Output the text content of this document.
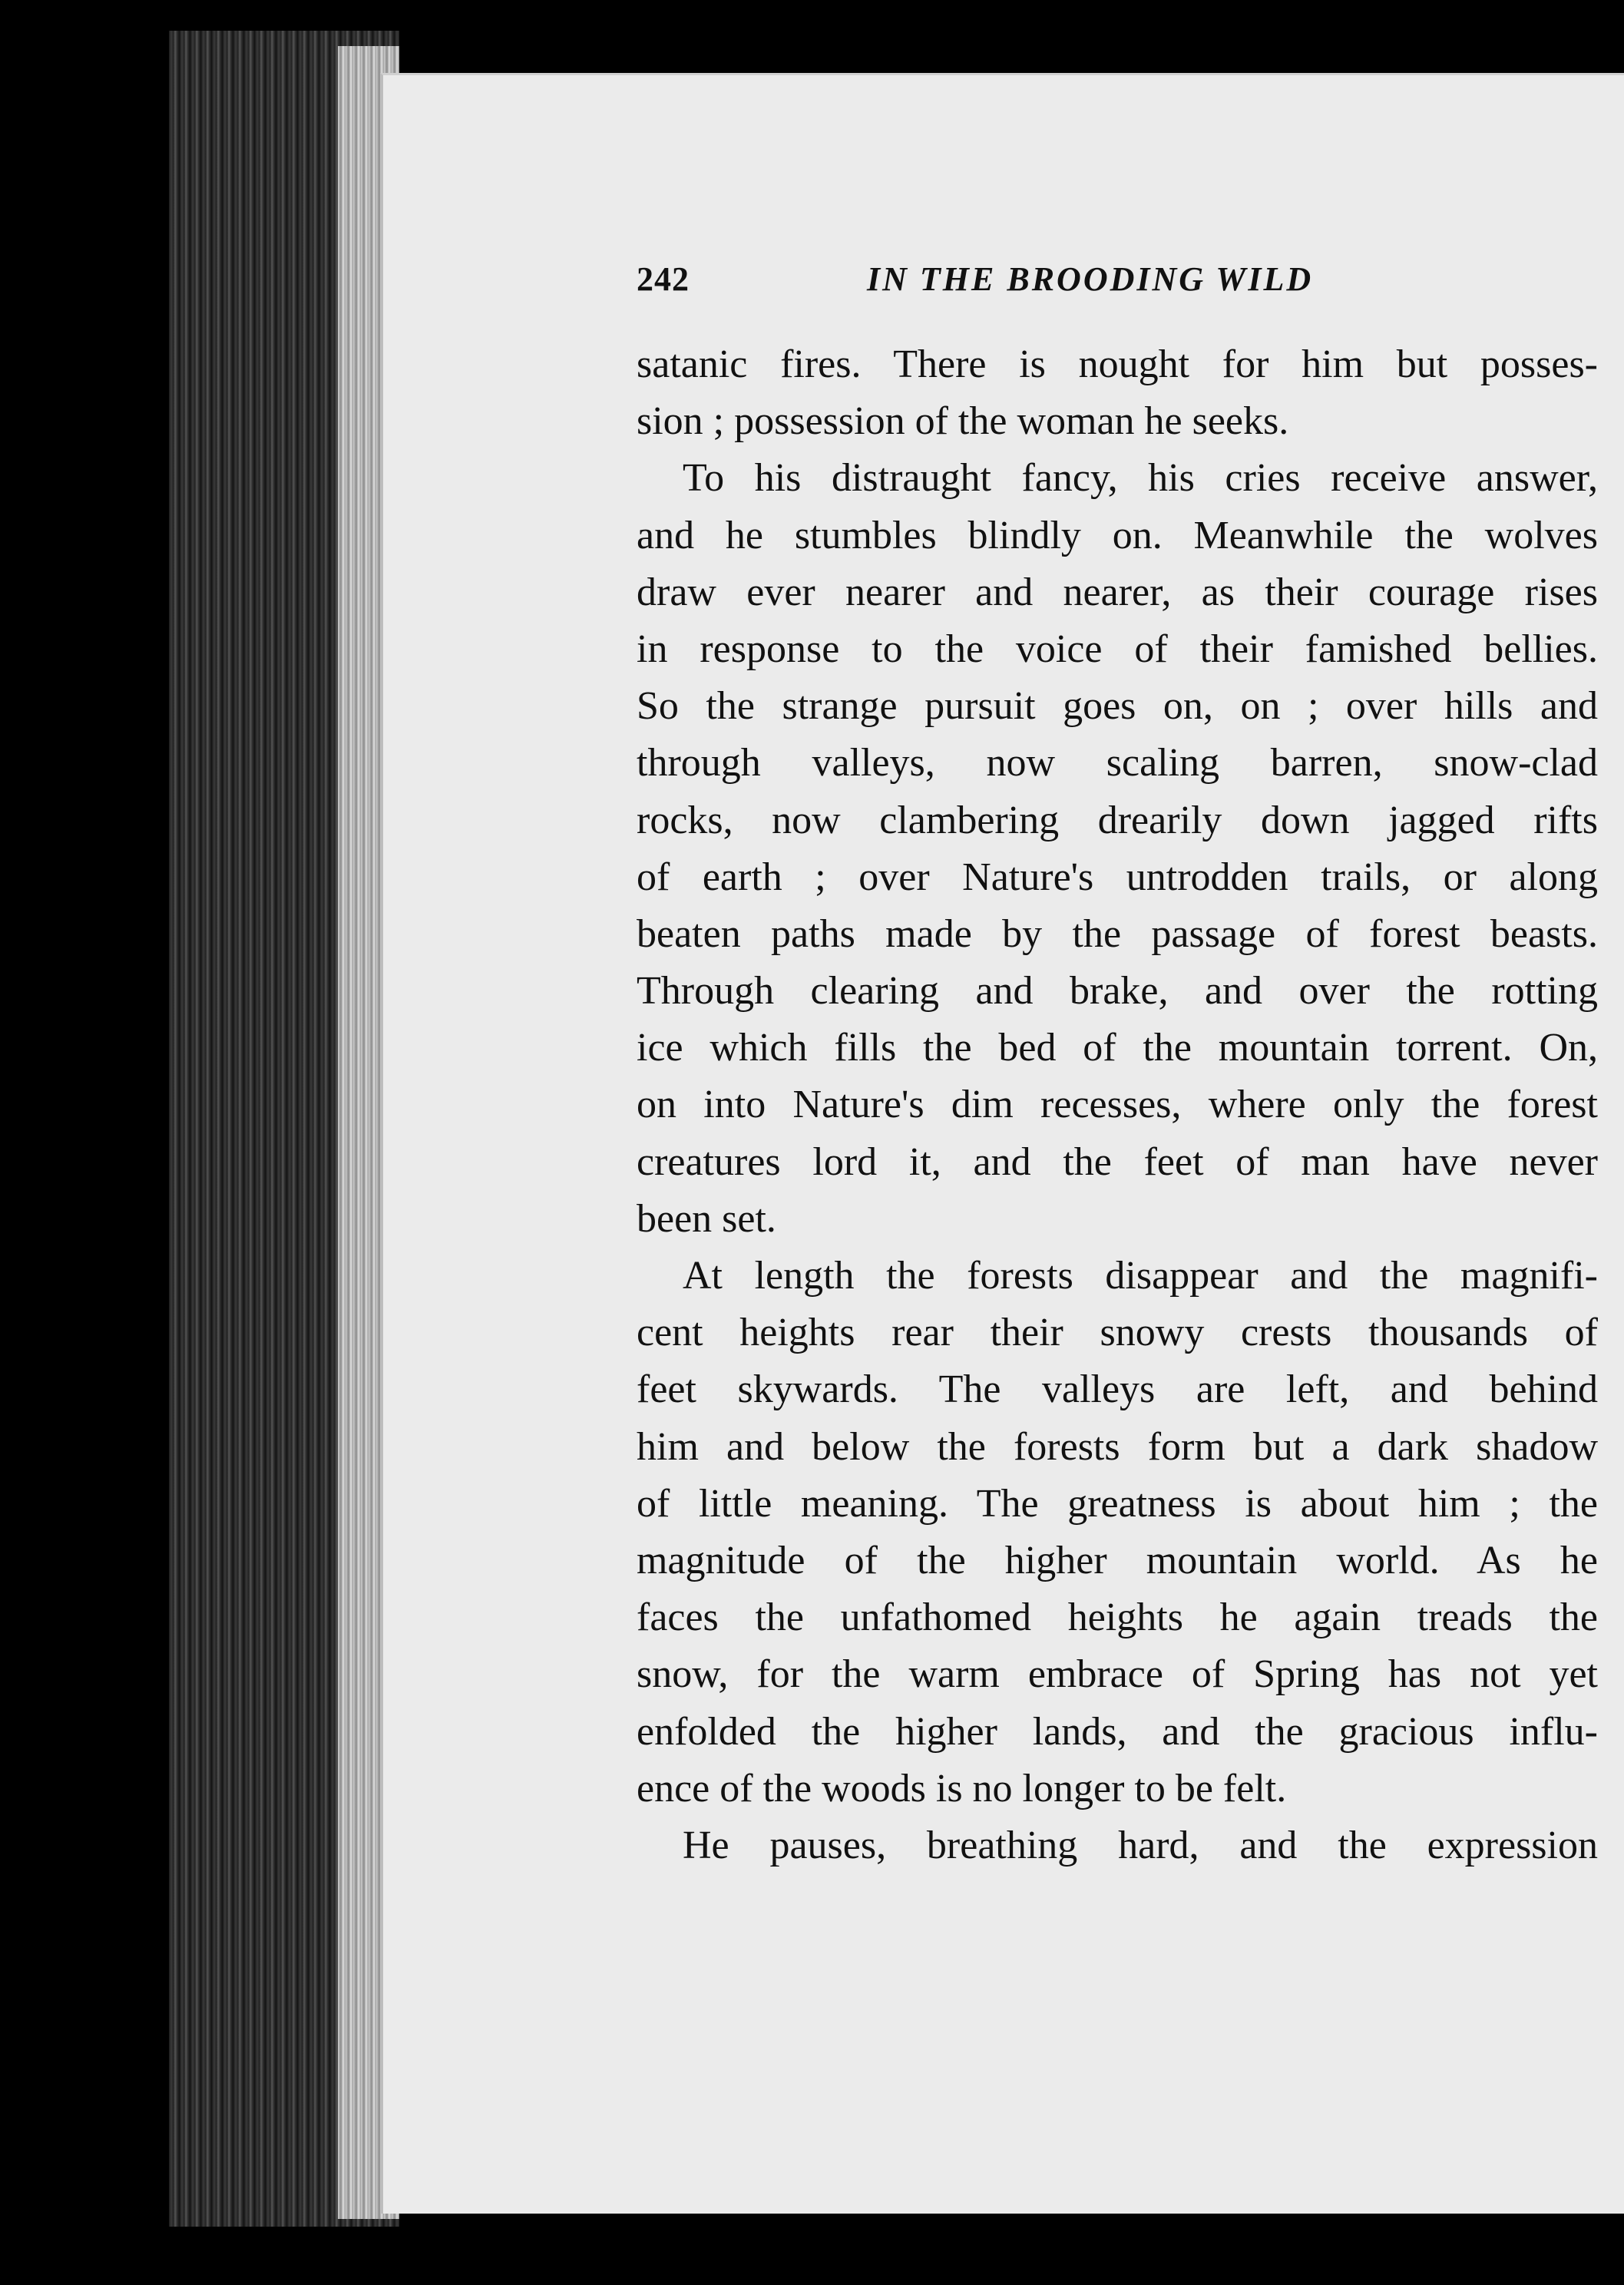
242	IN THE BROODING WILD
satanic fires. There is nought for him but posses-
sion ; possession of the woman he seeks.
To his distraught fancy, his cries receive answer,
and he stumbles blindly on. Meanwhile the wolves
draw ever nearer and nearer, as their courage rises
in response to the voice of their famished bellies.
So the strange pursuit goes on, on ; over hills and
through valleys, now scaling barren, snow-clad
rocks, now clambering drearily down jagged rifts
of earth ; over Nature's untrodden trails, or along
beaten paths made by the passage of forest beasts.
Through clearing and brake, and over the rotting
ice which fills the bed of the mountain torrent. On,
on into Nature's dim recesses, where only the forest
creatures lord it, and the feet of man have never
been set.
At length the forests disappear and the magnifi-
cent heights rear their snowy crests thousands of
feet skywards. The valleys are left, and behind
him and below the forests form but a dark shadow
of little meaning. The greatness is about him ; the
magnitude of the higher mountain world. As he
faces the unfathomed heights he again treads the
snow, for the warm embrace of Spring has not yet
enfolded the higher lands, and the gracious influ-
ence of the woods is no longer to be felt.
He pauses, breathing hard, and the expression
